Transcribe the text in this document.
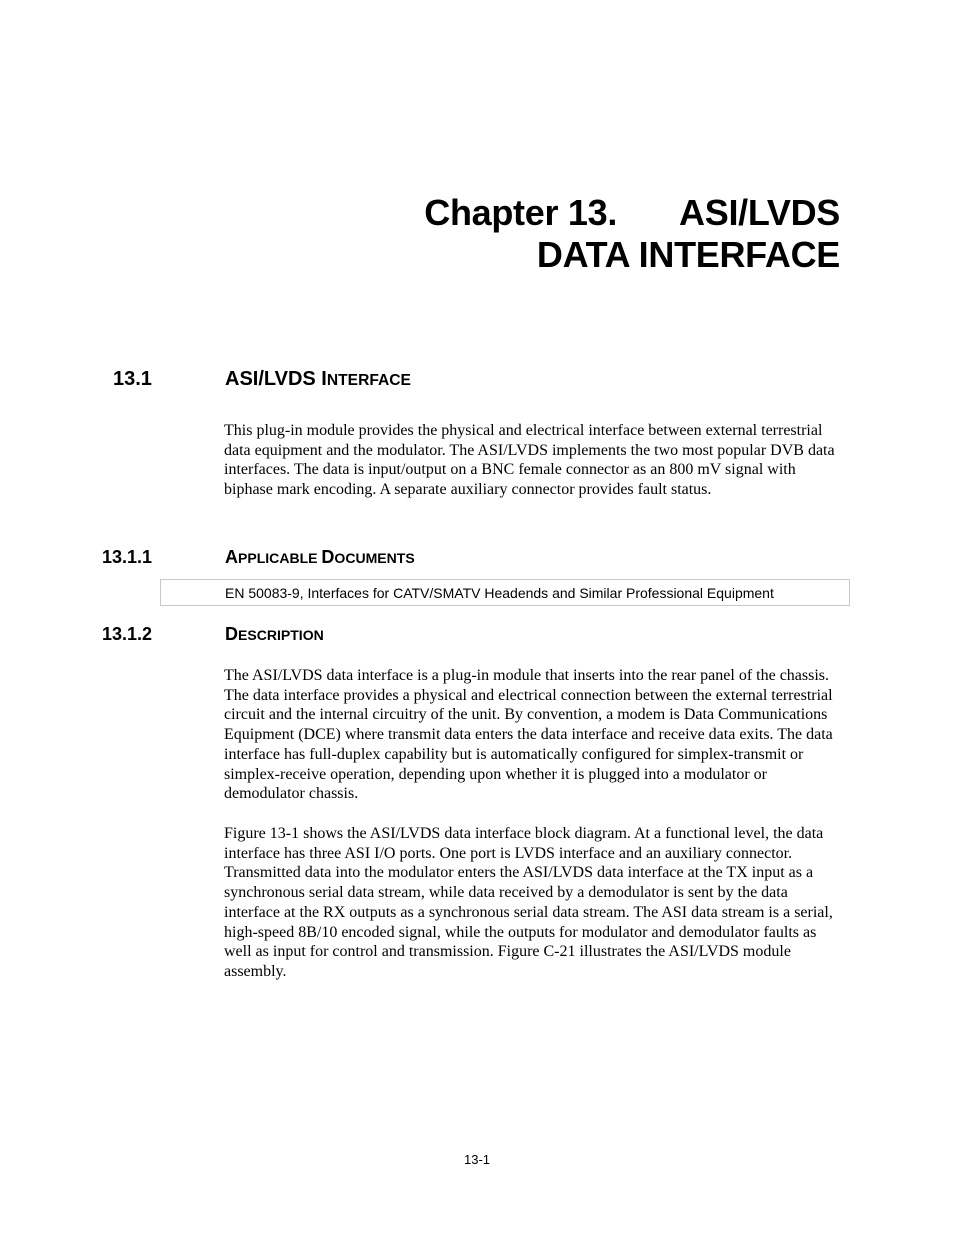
Chapter 13. ASI/LVDS
DATA INTERFACE
13.1	ASI/LVDS INTERFACE

This plug-in module provides the physical and electrical interface between external terrestrial data equipment and the modulator. The ASI/LVDS implements the two most popular DVB data interfaces. The data is input/output on a BNC female connector as an 800 mV signal with biphase mark encoding. A separate auxiliary connector provides fault status.

13.1.1	APPLICABLE DOCUMENTS
EN 50083-9, Interfaces for CATV/SMATV Headends and Similar Professional Equipment
13.1.2	DESCRIPTION

The ASI/LVDS data interface is a plug-in module that inserts into the rear panel of the chassis. The data interface provides a physical and electrical connection between the external terrestrial circuit and the internal circuitry of the unit. By convention, a modem is Data Communications Equipment (DCE) where transmit data enters the data interface and receive data exits. The data interface has full-duplex capability but is automatically configured for simplex-transmit or simplex-receive operation, depending upon whether it is plugged into a modulator or demodulator chassis.

Figure 13-1 shows the ASI/LVDS data interface block diagram. At a functional level, the data interface has three ASI I/O ports. One port is LVDS interface and an auxiliary connector. Transmitted data into the modulator enters the ASI/LVDS data interface at the TX input as a synchronous serial data stream, while data received by a demodulator is sent by the data interface at the RX outputs as a synchronous serial data stream. The ASI data stream is a serial, high-speed 8B/10 encoded signal, while the outputs for modulator and demodulator faults as well as input for control and transmission. Figure C-21 illustrates the ASI/LVDS module assembly.

13-1
